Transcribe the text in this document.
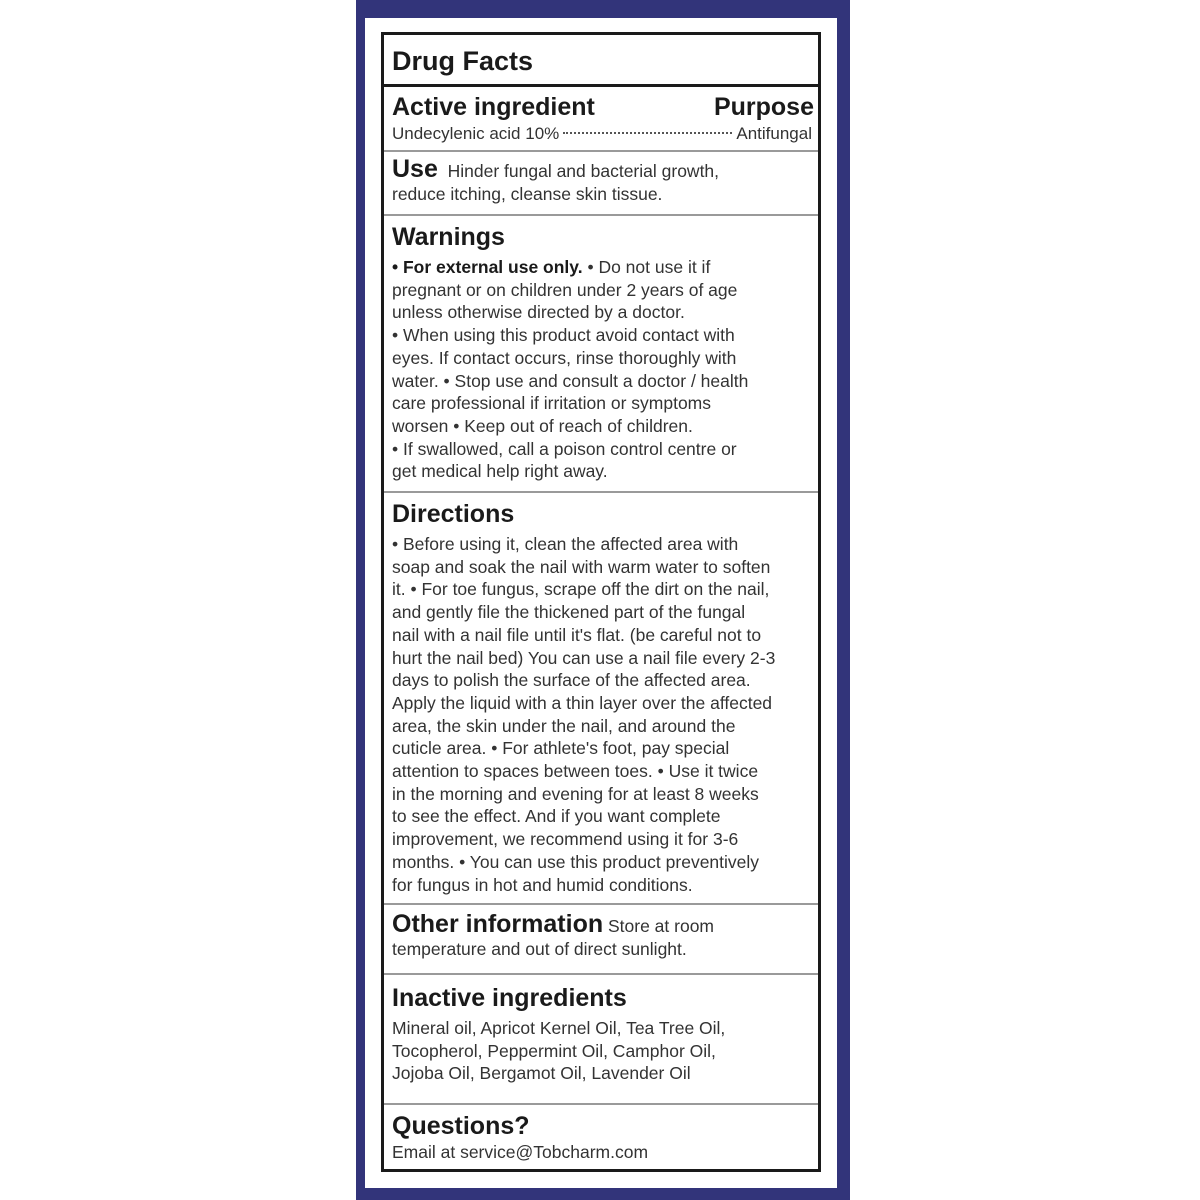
Drug Facts
Active ingredient	Purpose
Undecylenic acid 10%	Antifungal
Use Hinder fungal and bacterial growth,
reduce itching, cleanse skin tissue.
Warnings
• For external use only. • Do not use it if
pregnant or on children under 2 years of age
unless otherwise directed by a doctor.
• When using this product avoid contact with
eyes. If contact occurs, rinse thoroughly with
water. • Stop use and consult a doctor / health
care professional if irritation or symptoms
worsen • Keep out of reach of children.
• If swallowed, call a poison control centre or
get medical help right away.
Directions
• Before using it, clean the affected area with
soap and soak the nail with warm water to soften
it. • For toe fungus, scrape off the dirt on the nail,
and gently file the thickened part of the fungal
nail with a nail file until it's flat. (be careful not to
hurt the nail bed) You can use a nail file every 2-3
days to polish the surface of the affected area.
Apply the liquid with a thin layer over the affected
area, the skin under the nail, and around the
cuticle area. • For athlete's foot, pay special
attention to spaces between toes. • Use it twice
in the morning and evening for at least 8 weeks
to see the effect. And if you want complete
improvement, we recommend using it for 3-6
months. • You can use this product preventively
for fungus in hot and humid conditions.
Other information Store at room
temperature and out of direct sunlight.
Inactive ingredients
Mineral oil, Apricot Kernel Oil, Tea Tree Oil,
Tocopherol, Peppermint Oil, Camphor Oil,
Jojoba Oil, Bergamot Oil, Lavender Oil
Questions?
Email at service@Tobcharm.com
